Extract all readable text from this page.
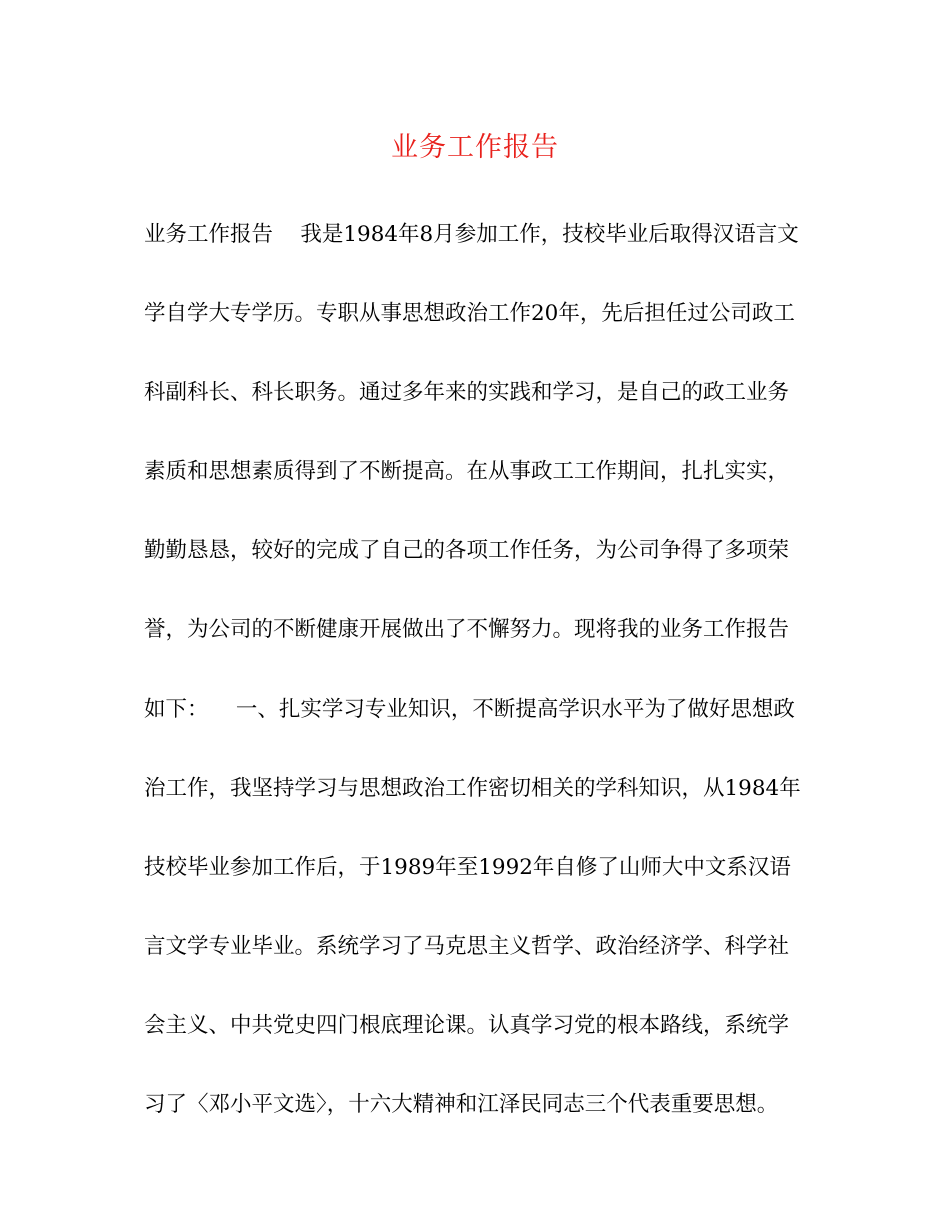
业务工作报告
业务工作报告    我是1984年8月参加工作，技校毕业后取得汉语言文
学自学大专学历。专职从事思想政治工作20年，先后担任过公司政工
科副科长、科长职务。通过多年来的实践和学习，是自己的政工业务
素质和思想素质得到了不断提高。在从事政工工作期间，扎扎实实，
勤勤恳恳，较好的完成了自己的各项工作任务，为公司争得了多项荣
誉，为公司的不断健康开展做出了不懈努力。现将我的业务工作报告
如下：    一、扎实学习专业知识，不断提高学识水平为了做好思想政
治工作，我坚持学习与思想政治工作密切相关的学科知识，从1984年
技校毕业参加工作后，于1989年至1992年自修了山师大中文系汉语
言文学专业毕业。系统学习了马克思主义哲学、政治经济学、科学社
会主义、中共党史四门根底理论课。认真学习党的根本路线，系统学
习了〈邓小平文选〉，十六大精神和江泽民同志三个代表重要思想。
